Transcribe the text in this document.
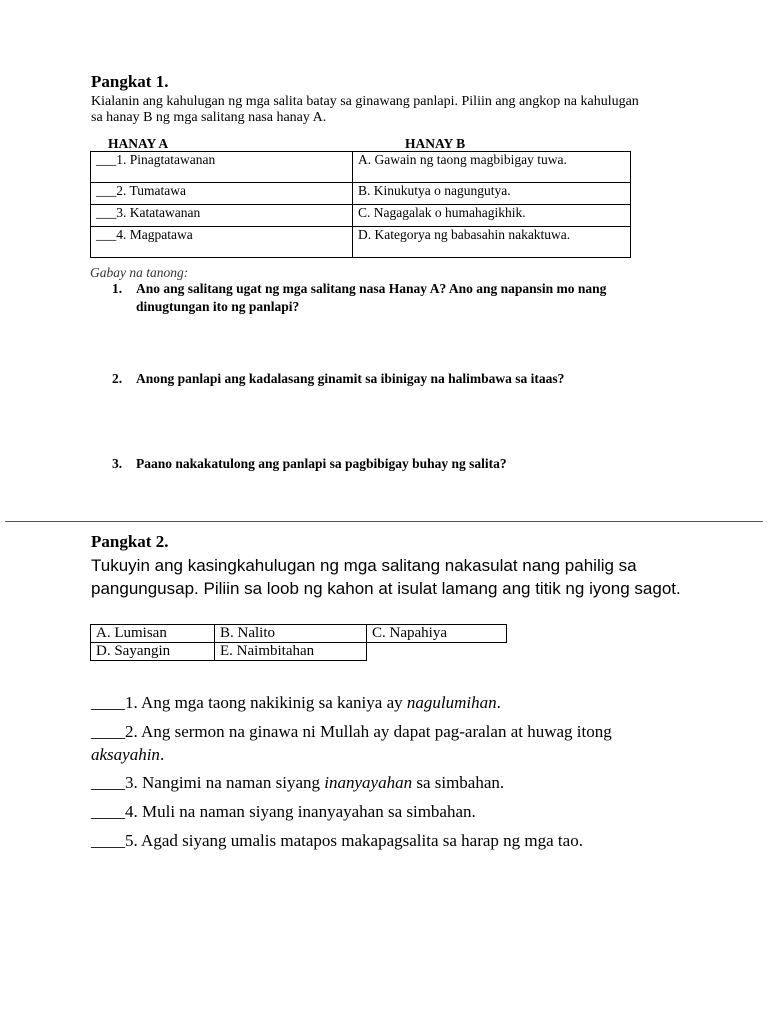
Pangkat 1.
Kialanin ang kahulugan ng mga salita batay sa ginawang panlapi. Piliin ang angkop na kahulugan sa hanay B ng mga salitang nasa hanay A.
HANAY A	HANAY B
___1. Pinagtatawanan	A. Gawain ng taong magbibigay tuwa.
___2. Tumatawa	B. Kinukutya o nagungutya.
___3. Katatawanan	C. Nagagalak o humahagikhik.
___4. Magpatawa	D. Kategorya ng babasahin nakaktuwa.
Gabay na tanong:
1. Ano ang salitang ugat ng mga salitang nasa Hanay A? Ano ang napansin mo nang dinugtungan ito ng panlapi?
2. Anong panlapi ang kadalasang ginamit sa ibinigay na halimbawa sa itaas?
3. Paano nakakatulong ang panlapi sa pagbibigay buhay ng salita?
Pangkat 2.
Tukuyin ang kasingkahulugan ng mga salitang nakasulat nang pahilig sa pangungusap. Piliin sa loob ng kahon at isulat lamang ang titik ng iyong sagot.
A. Lumisan	B. Nalito	C. Napahiya
D. Sayangin	E. Naimbitahan	
____1. Ang mga taong nakikinig sa kaniya ay nagulumihan.
____2. Ang sermon na ginawa ni Mullah ay dapat pag-aralan at huwag itong aksayahin.
____3. Nangimi na naman siyang inanyayahan sa simbahan.
____4. Muli na naman siyang inanyayahan sa simbahan.
____5. Agad siyang umalis matapos makapagsalita sa harap ng mga tao.
